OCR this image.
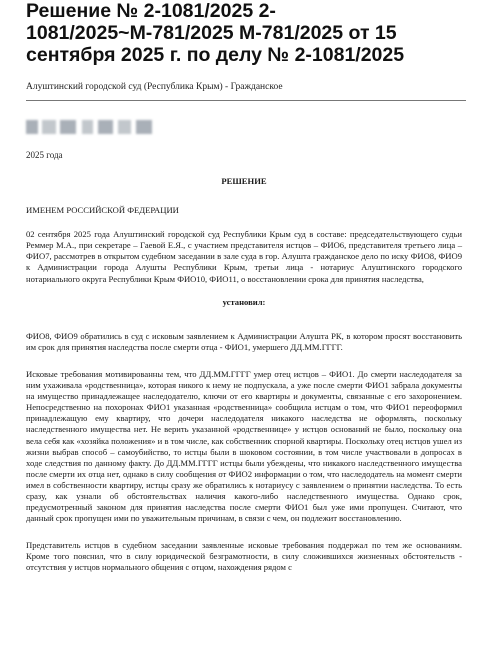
Решение № 2-1081/2025 2-1081/2025~М-781/2025 М-781/2025 от 15 сентября 2025 г. по делу № 2-1081/2025
Алуштинский городской суд (Республика Крым) - Гражданское
2025 года

РЕШЕНИЕ

ИМЕНЕМ РОССИЙСКОЙ ФЕДЕРАЦИИ

02 сентября 2025 года Алуштинский городской суд Республики Крым суд в составе: председательствующего судьи Реммер М.А., при секретаре – Гаевой Е.Я., с участием представителя истцов – ФИО6, представителя третьего лица – ФИО7, рассмотрев в открытом судебном заседании в зале суда в гор. Алушта гражданское дело по иску ФИО8, ФИО9 к Администрации города Алушты Республики Крым, третьи лица - нотариус Алуштинского городского нотариального округа Республики Крым ФИО10, ФИО11, о восстановлении срока для принятия наследства,

установил:

ФИО8, ФИО9 обратились в суд с исковым заявлением к Администрации Алушта РК, в котором просят восстановить им срок для принятия наследства после смерти отца - ФИО1, умершего ДД.ММ.ГГГГ.

Исковые требования мотивированны тем, что ДД.ММ.ГГГГ умер отец истцов – ФИО1. До смерти наследодателя за ним ухаживала «родственница», которая никого к нему не подпускала, а уже после смерти ФИО1 забрала документы на имущество принадлежащее наследодателю, ключи от его квартиры и документы, связанные с его захоронением. Непосредственно на похоронах ФИО1 указанная «родственница» сообщила истцам о том, что ФИО1 переоформил принадлежащую ему квартиру, что дочери наследодателя никакого наследства не оформлять, поскольку наследственного имущества нет. Не верить указанной «родственнице» у истцов оснований не было, поскольку она вела себя как «хозяйка положения» и в том числе, как собственник спорной квартиры. Поскольку отец истцов ушел из жизни выбрав способ – самоубийство, то истцы были в шоковом состоянии, в том числе участвовали в допросах в ходе следствия по данному факту. До ДД.ММ.ГГГГ истцы были убеждены, что никакого наследственного имущества после смерти их отца нет, однако в силу сообщения от ФИО2 информации о том, что наследодатель на момент смерти имел в собственности квартиру, истцы сразу же обратились к нотариусу с заявлением о принятии наследства. То есть сразу, как узнали об обстоятельствах наличия какого-либо наследственного имущества. Однако срок, предусмотренный законом для принятия наследства после смерти ФИО1 был уже ими пропущен. Считают, что данный срок пропущен ими по уважительным причинам, в связи с чем, он подлежит восстановлению.

Представитель истцов в судебном заседании заявленные исковые требования поддержал по тем же основаниям. Кроме того пояснил, что в силу юридической безграмотности, в силу сложившихся жизненных обстоятельств - отсутствия у истцов нормального общения с отцом, нахождения рядом с
